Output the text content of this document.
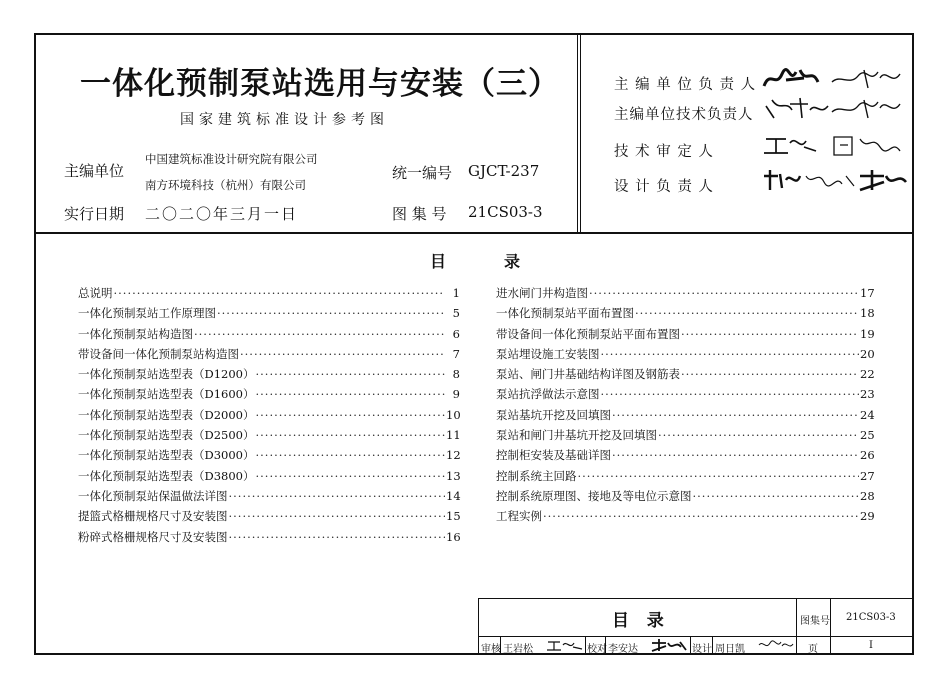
一体化预制泵站选用与安装（三）
国家建筑标准设计参考图
主编单位
中国建筑标准设计研究院有限公司
南方环境科技（杭州）有限公司
统一编号 GJCT-237
实行日期 二〇二〇年三月一日	图 集 号 21CS03-3
主 编 单 位 负 责 人
主编单位技术负责人
技 术 审 定 人
设 计 负 责 人
目	录
总说明 ·····	1
一体化预制泵站工作原理图 ·····	5
一体化预制泵站构造图 ·····	6
带设备间一体化预制泵站构造图 ·····	7
一体化预制泵站选型表（D1200） ·····	8
一体化预制泵站选型表（D1600） ·····	9
一体化预制泵站选型表（D2000） ·····	10
一体化预制泵站选型表（D2500） ·····	11
一体化预制泵站选型表（D3000） ·····	12
一体化预制泵站选型表（D3800） ·····	13
一体化预制泵站保温做法详图 ·····	14
提篮式格栅规格尺寸及安装图 ·····	15
粉碎式格栅规格尺寸及安装图 ·····	16
进水闸门井构造图 ·····	17
一体化预制泵站平面布置图 ·····	18
带设备间一体化预制泵站平面布置图 ·····	19
泵站埋设施工安装图 ·····	20
泵站、闸门井基础结构详图及钢筋表 ·····	22
泵站抗浮做法示意图 ·····	23
泵站基坑开挖及回填图 ·····	24
泵站和闸门井基坑开挖及回填图 ·····	25
控制柜安装及基础详图 ·····	26
控制系统主回路 ·····	27
控制系统原理图、接地及等电位示意图 ·····	28
工程实例 ·····	29
目   录	图集号 21CS03-3
审核 王岩松	校对 李安达	设计 周日凯	页	I
